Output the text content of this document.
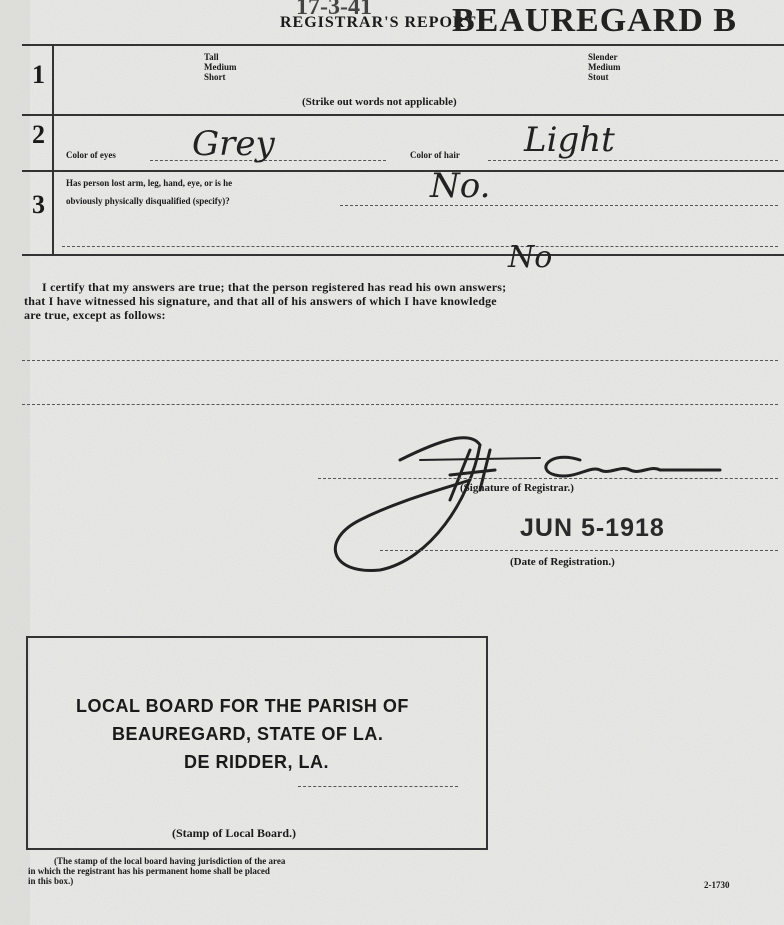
REGISTRAR'S REPORT
17-3-41 BEAUREGARD B
1
Tall
Medium
Short
Slender
Medium
Stout
(Strike out words not applicable)
2
Color of eyes Grey	Color of hair Light
3
Has person lost arm, leg, hand, eye, or is he
obviously physically disqualified (specify)?	No.
No
I certify that my answers are true; that the person registered has read his own answers;
that I have witnessed his signature, and that all of his answers of which I have knowledge
are true, except as follows:
(Signature of Registrar.)
JUN 5-1918
(Date of Registration.)
LOCAL BOARD FOR THE PARISH OF
BEAUREGARD, STATE OF LA.
DE RIDDER, LA.
(Stamp of Local Board.)
(The stamp of the local board having jurisdiction of the area
in which the registrant has his permanent home shall be placed
in this box.)	2-1730
